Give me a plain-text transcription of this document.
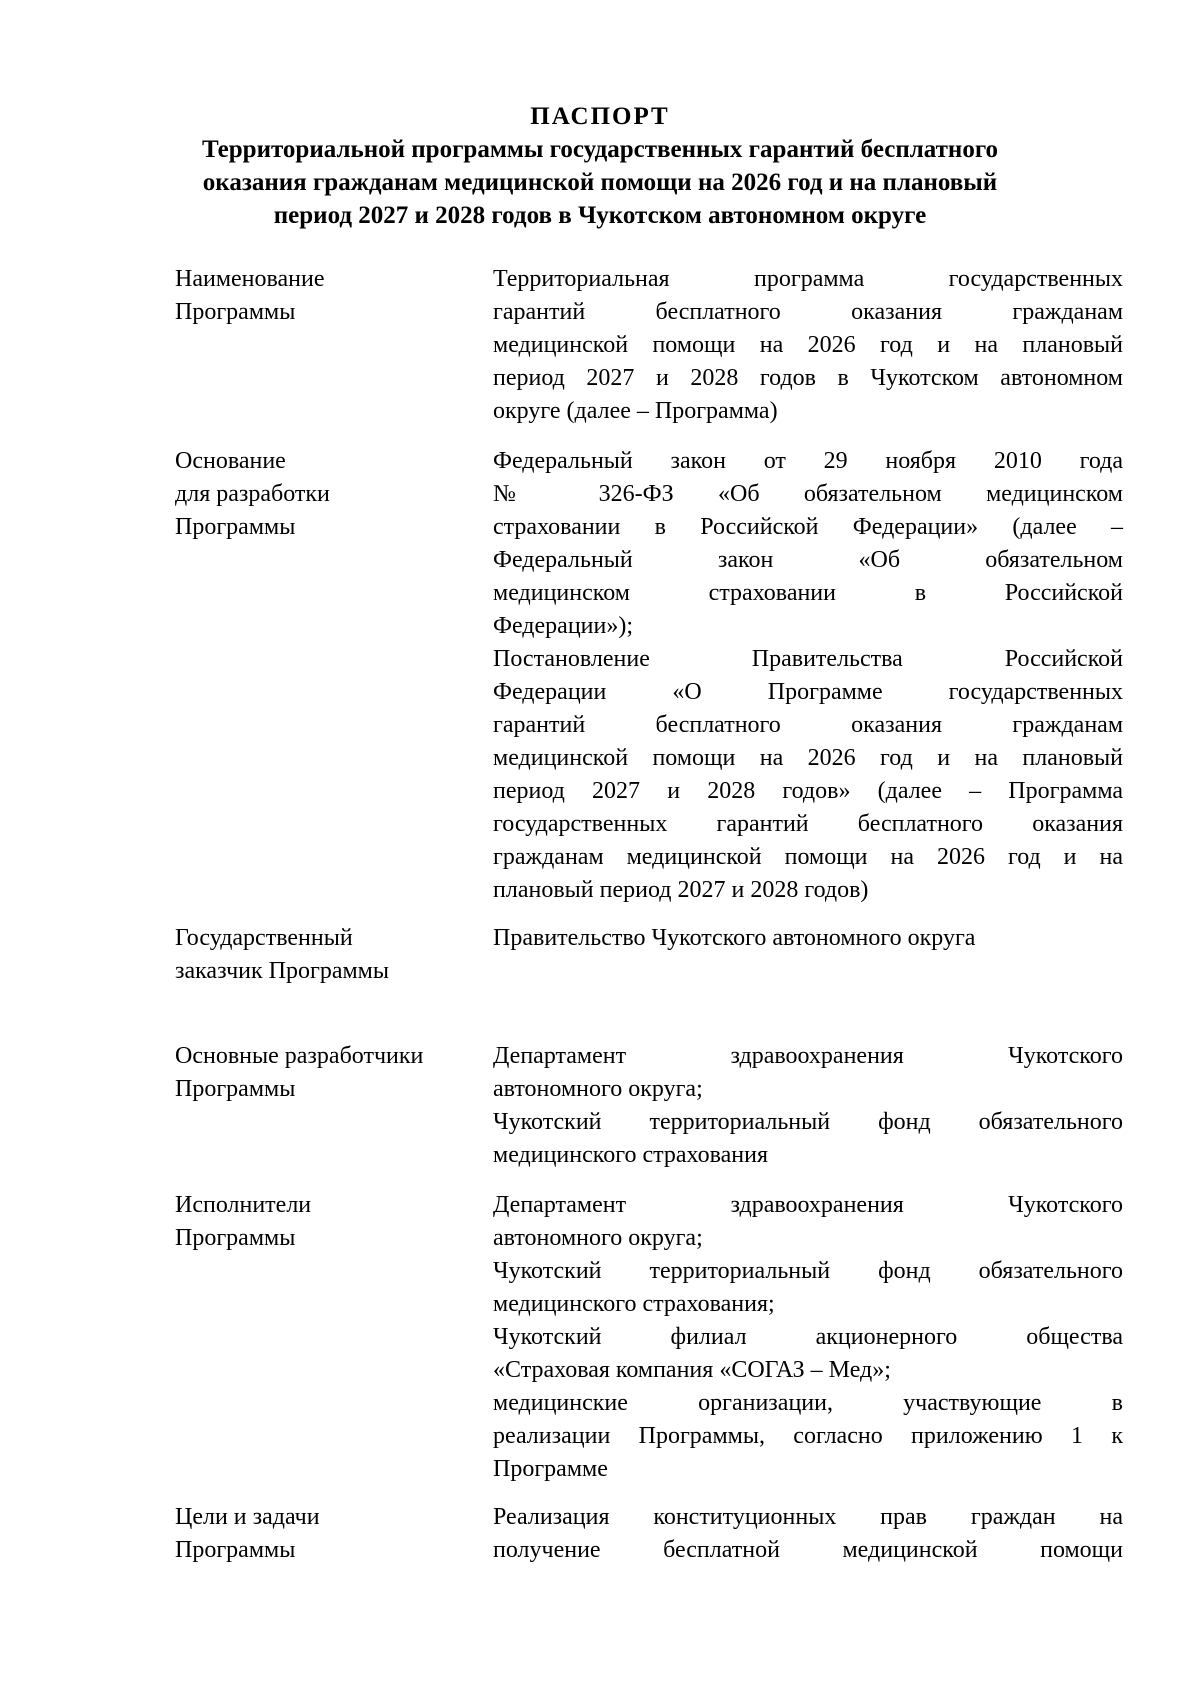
ПАСПОРТ
Территориальной программы государственных гарантий бесплатного
оказания гражданам медицинской помощи на 2026 год и на плановый
период 2027 и 2028 годов в Чукотском автономном округе
Наименование
Программы
Территориальная программа государственных
гарантий бесплатного оказания гражданам
медицинской помощи на 2026 год и на плановый
период 2027 и 2028 годов в Чукотском автономном
округе (далее – Программа)
Основание
для разработки
Программы
Федеральный закон от 29 ноября 2010 года
№ 326-ФЗ «Об обязательном медицинском
страховании в Российской Федерации» (далее –
Федеральный закон «Об обязательном
медицинском страховании в Российской
Федерации»);
Постановление Правительства Российской
Федерации «О Программе государственных
гарантий бесплатного оказания гражданам
медицинской помощи на 2026 год и на плановый
период 2027 и 2028 годов» (далее – Программа
государственных гарантий бесплатного оказания
гражданам медицинской помощи на 2026 год и на
плановый период 2027 и 2028 годов)
Государственный
заказчик Программы
Правительство Чукотского автономного округа
Основные разработчики
Программы
Департамент здравоохранения Чукотского
автономного округа;
Чукотский территориальный фонд обязательного
медицинского страхования
Исполнители
Программы
Департамент здравоохранения Чукотского
автономного округа;
Чукотский территориальный фонд обязательного
медицинского страхования;
Чукотский филиал акционерного общества
«Страховая компания «СОГАЗ – Мед»;
медицинские организации, участвующие в
реализации Программы, согласно приложению 1 к
Программе
Цели и задачи
Программы
Реализация конституционных прав граждан на
получение бесплатной медицинской помощи
